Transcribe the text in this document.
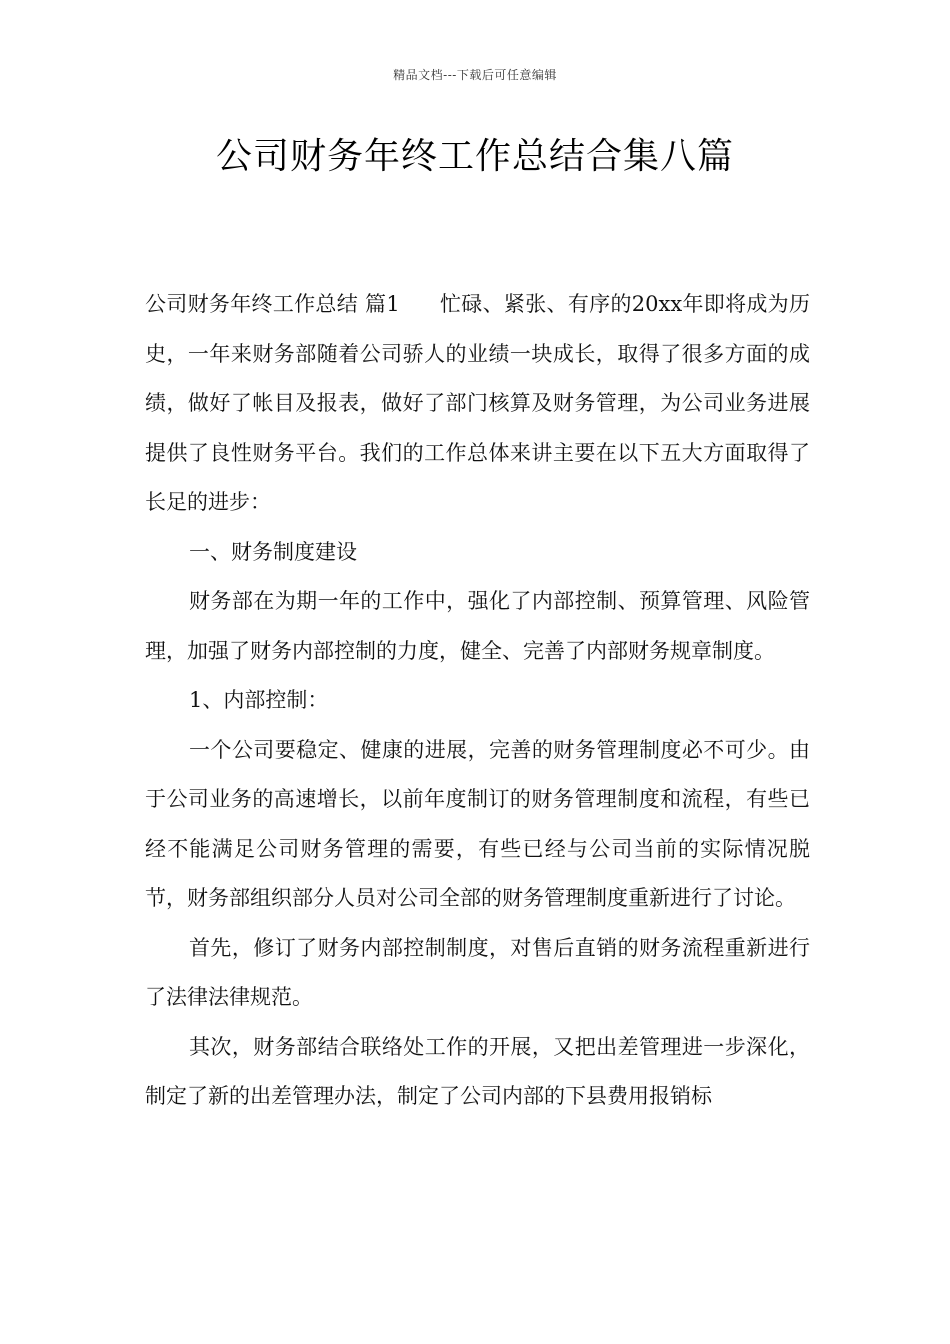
精品文档---下载后可任意编辑
公司财务年终工作总结合集八篇

公司财务年终工作总结 篇1 忙碌、紧张、有序的20xx年即将成为历史，一年来财务部随着公司骄人的业绩一块成长，取得了很多方面的成绩，做好了帐目及报表，做好了部门核算及财务管理，为公司业务进展提供了良性财务平台。我们的工作总体来讲主要在以下五大方面取得了长足的进步：

一、财务制度建设

财务部在为期一年的工作中，强化了内部控制、预算管理、风险管理，加强了财务内部控制的力度，健全、完善了内部财务规章制度。

1、内部控制：

一个公司要稳定、健康的进展，完善的财务管理制度必不可少。由于公司业务的高速增长，以前年度制订的财务管理制度和流程，有些已经不能满足公司财务管理的需要，有些已经与公司当前的实际情况脱节，财务部组织部分人员对公司全部的财务管理制度重新进行了讨论。

首先，修订了财务内部控制制度，对售后直销的财务流程重新进行了法律法律规范。

其次，财务部结合联络处工作的开展，又把出差管理进一步深化，制定了新的出差管理办法，制定了公司内部的下县费用报销标
